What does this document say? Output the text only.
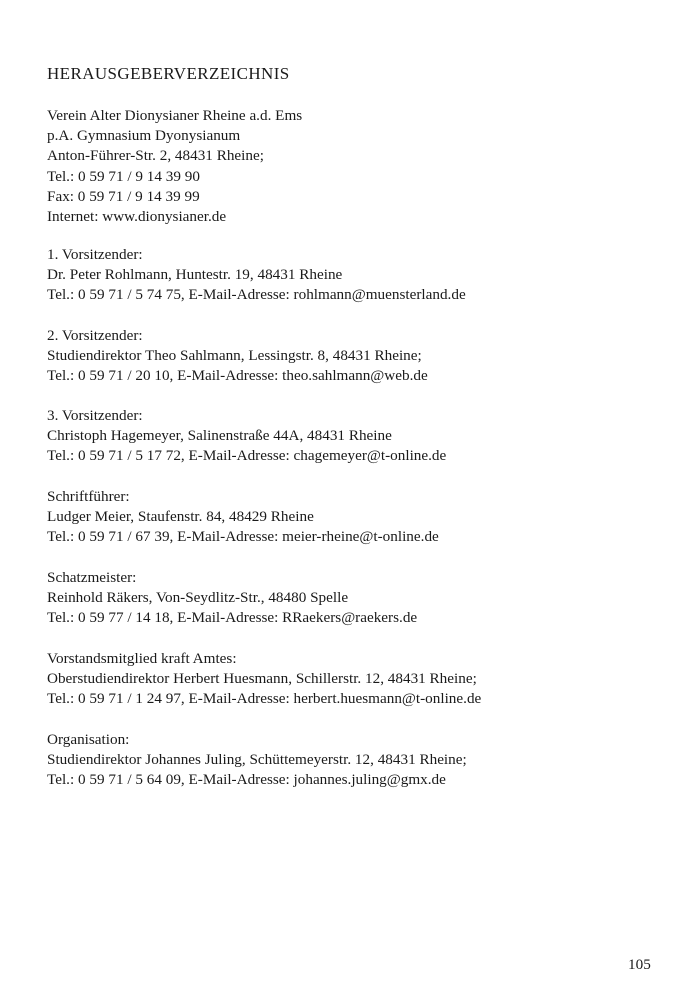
HERAUSGEBERVERZEICHNIS
Verein Alter Dionysianer Rheine a.d. Ems
p.A. Gymnasium Dyonysianum
Anton-Führer-Str. 2, 48431 Rheine;
Tel.: 0 59 71 / 9 14 39 90
Fax: 0 59 71 / 9 14 39 99
Internet: www.dionysianer.de
1. Vorsitzender:
Dr. Peter Rohlmann, Huntestr. 19, 48431 Rheine
Tel.: 0 59 71 / 5 74 75, E-Mail-Adresse: rohlmann@muensterland.de
2. Vorsitzender:
Studiendirektor Theo Sahlmann, Lessingstr. 8, 48431 Rheine;
Tel.: 0 59 71 / 20 10, E-Mail-Adresse: theo.sahlmann@web.de
3. Vorsitzender:
Christoph Hagemeyer, Salinenstraße 44A, 48431 Rheine
Tel.: 0 59 71 / 5 17 72, E-Mail-Adresse: chagemeyer@t-online.de
Schriftführer:
Ludger Meier, Staufenstr. 84, 48429 Rheine
Tel.: 0 59 71 / 67 39, E-Mail-Adresse: meier-rheine@t-online.de
Schatzmeister:
Reinhold Räkers, Von-Seydlitz-Str., 48480 Spelle
Tel.: 0 59 77 / 14 18, E-Mail-Adresse: RRaekers@raekers.de
Vorstandsmitglied kraft Amtes:
Oberstudiendirektor Herbert Huesmann, Schillerstr. 12, 48431 Rheine;
Tel.: 0 59 71 / 1 24 97, E-Mail-Adresse: herbert.huesmann@t-online.de
Organisation:
Studiendirektor Johannes Juling, Schüttemeyerstr. 12, 48431 Rheine;
Tel.: 0 59 71 / 5 64 09, E-Mail-Adresse: johannes.juling@gmx.de
105
